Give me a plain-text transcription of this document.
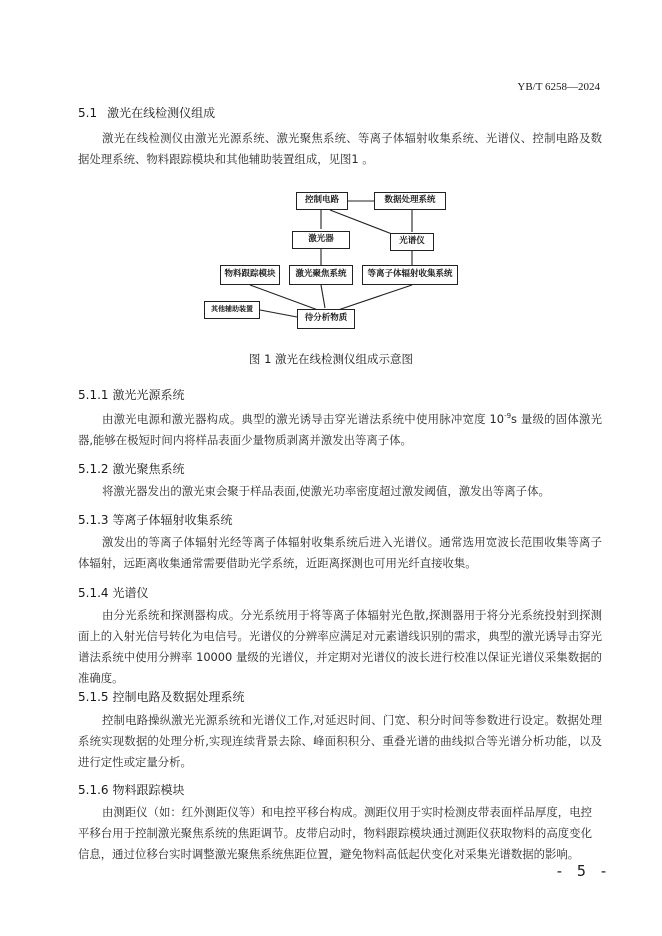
YB/T 6258—2024
5.1 激光在线检测仪组成
激光在线检测仪由激光光源系统、激光聚焦系统、等离子体辐射收集系统、光谱仪、控制电路及数据处理系统、物料跟踪模块和其他辅助装置组成，见图1 。
控制电路	数据处理系统
激光器	光谱仪
物料跟踪模块	激光聚焦系统	等离子体辐射收集系统
其他辅助装置
待分析物质
图 1 激光在线检测仪组成示意图
5.1.1 激光光源系统
由激光电源和激光器构成。典型的激光诱导击穿光谱法系统中使用脉冲宽度 $10^{-9}s$ 量级的固体激光器,能够在极短时间内将样品表面少量物质剥离并激发出等离子体。
5.1.2 激光聚焦系统
将激光器发出的激光束会聚于样品表面,使激光功率密度超过激发阈值，激发出等离子体。
5.1.3 等离子体辐射收集系统
激发出的等离子体辐射光经等离子体辐射收集系统后进入光谱仪。通常选用宽波长范围收集等离子体辐射，远距离收集通常需要借助光学系统，近距离探测也可用光纤直接收集。
5.1.4 光谱仪
由分光系统和探测器构成。分光系统用于将等离子体辐射光色散,探测器用于将分光系统投射到探测面上的入射光信号转化为电信号。光谱仪的分辨率应满足对元素谱线识别的需求，典型的激光诱导击穿光谱法系统中使用分辨率 10000 量级的光谱仪，并定期对光谱仪的波长进行校准以保证光谱仪采集数据的准确度。
5.1.5 控制电路及数据处理系统
控制电路操纵激光光源系统和光谱仪工作,对延迟时间、门宽、积分时间等参数进行设定。数据处理系统实现数据的处理分析,实现连续背景去除、峰面积积分、重叠光谱的曲线拟合等光谱分析功能，以及进行定性或定量分析。
5.1.6 物料跟踪模块
由测距仪（如：红外测距仪等）和电控平移台构成。测距仪用于实时检测皮带表面样品厚度，电控平移台用于控制激光聚焦系统的焦距调节。皮带启动时，物料跟踪模块通过测距仪获取物料的高度变化信息，通过位移台实时调整激光聚焦系统焦距位置，避免物料高低起伏变化对采集光谱数据的影响。
- 5 -
